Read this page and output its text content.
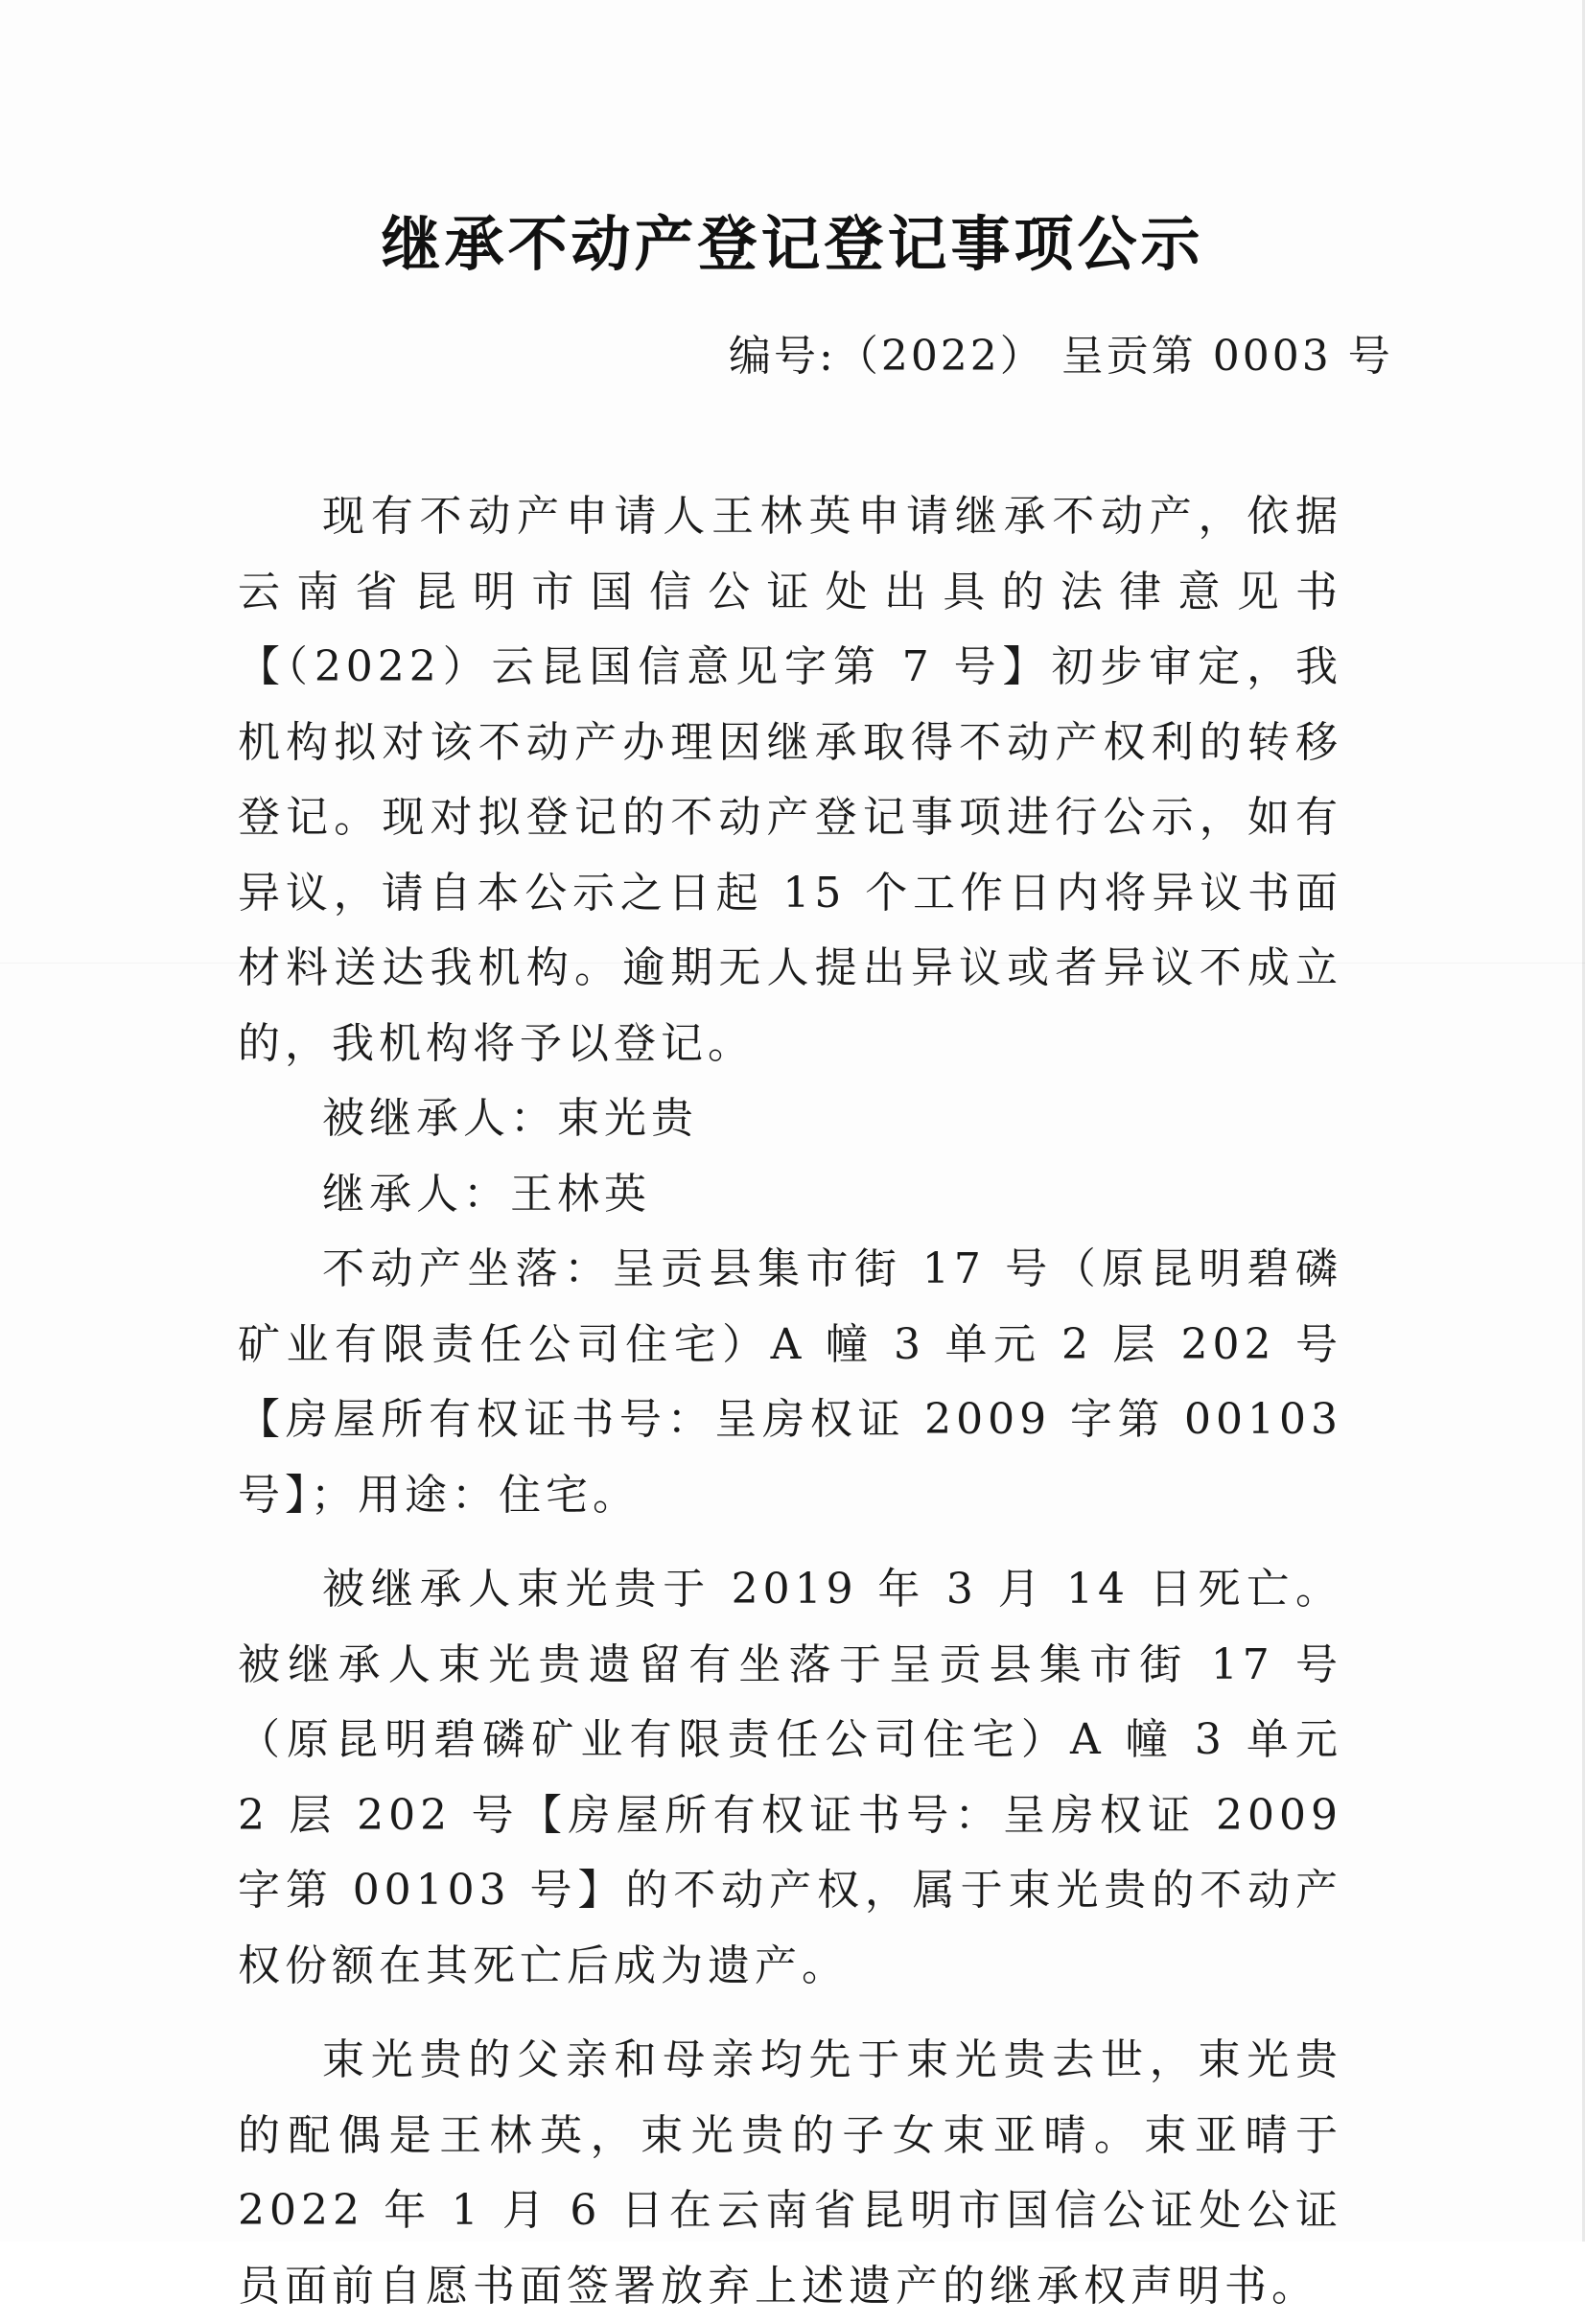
继承不动产登记登记事项公示
编号:（2022） 呈贡第 0003 号

现有不动产申请人王林英申请继承不动产，依据云南省昆明市国信公证处出具的法律意见书【（2022）云昆国信意见字第 7 号】初步审定，我机构拟对该不动产办理因继承取得不动产权利的转移登记。现对拟登记的不动产登记事项进行公示，如有异议，请自本公示之日起 15 个工作日内将异议书面材料送达我机构。逾期无人提出异议或者异议不成立的，我机构将予以登记。

被继承人：束光贵

继承人：王林英

不动产坐落：呈贡县集市街 17 号（原昆明碧磷矿业有限责任公司住宅）A 幢 3 单元 2 层 202 号【房屋所有权证书号：呈房权证 2009 字第 00103 号】；用途：住宅。

被继承人束光贵于 2019 年 3 月 14 日死亡。被继承人束光贵遗留有坐落于呈贡县集市街 17 号（原昆明碧磷矿业有限责任公司住宅）A 幢 3 单元 2 层 202 号【房屋所有权证书号：呈房权证 2009 字第 00103 号】的不动产权，属于束光贵的不动产权份额在其死亡后成为遗产。

束光贵的父亲和母亲均先于束光贵去世，束光贵的配偶是王林英，束光贵的子女束亚晴。束亚晴于 2022 年 1 月 6 日在云南省昆明市国信公证处公证员面前自愿书面签署放弃上述遗产的继承权声明书。
